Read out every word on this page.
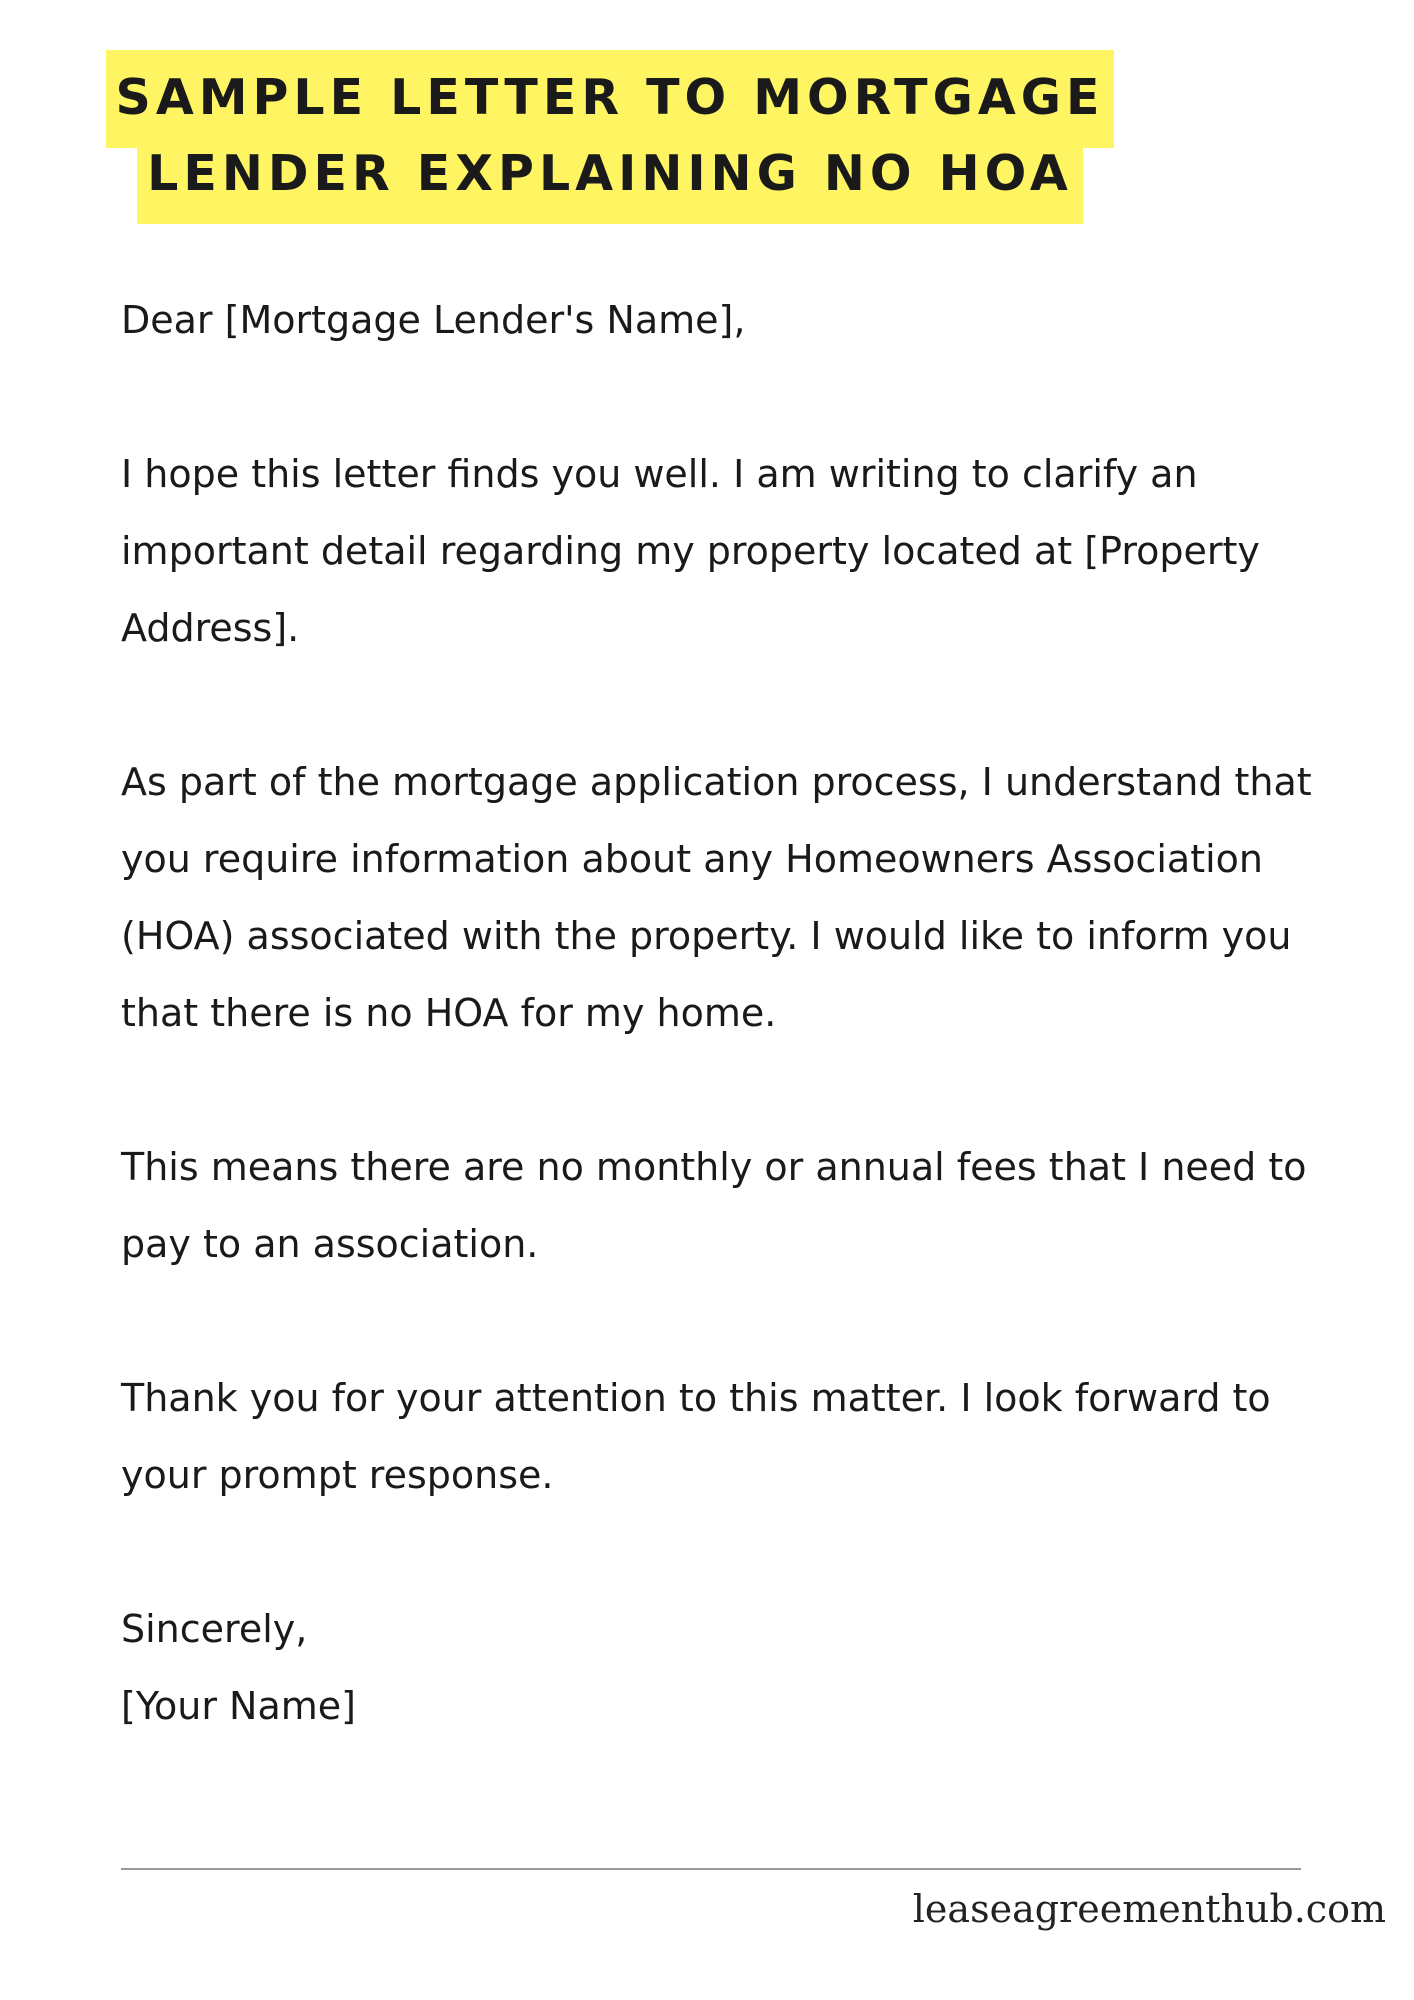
SAMPLE LETTER TO MORTGAGE
LENDER EXPLAINING NO HOA

Dear [Mortgage Lender's Name],

I hope this letter finds you well. I am writing to clarify an important detail regarding my property located at [Property Address].

As part of the mortgage application process, I understand that you require information about any Homeowners Association (HOA) associated with the property. I would like to inform you that there is no HOA for my home.

This means there are no monthly or annual fees that I need to pay to an association.

Thank you for your attention to this matter. I look forward to your prompt response.

Sincerely,

[Your Name]

leaseagreementhub.com
